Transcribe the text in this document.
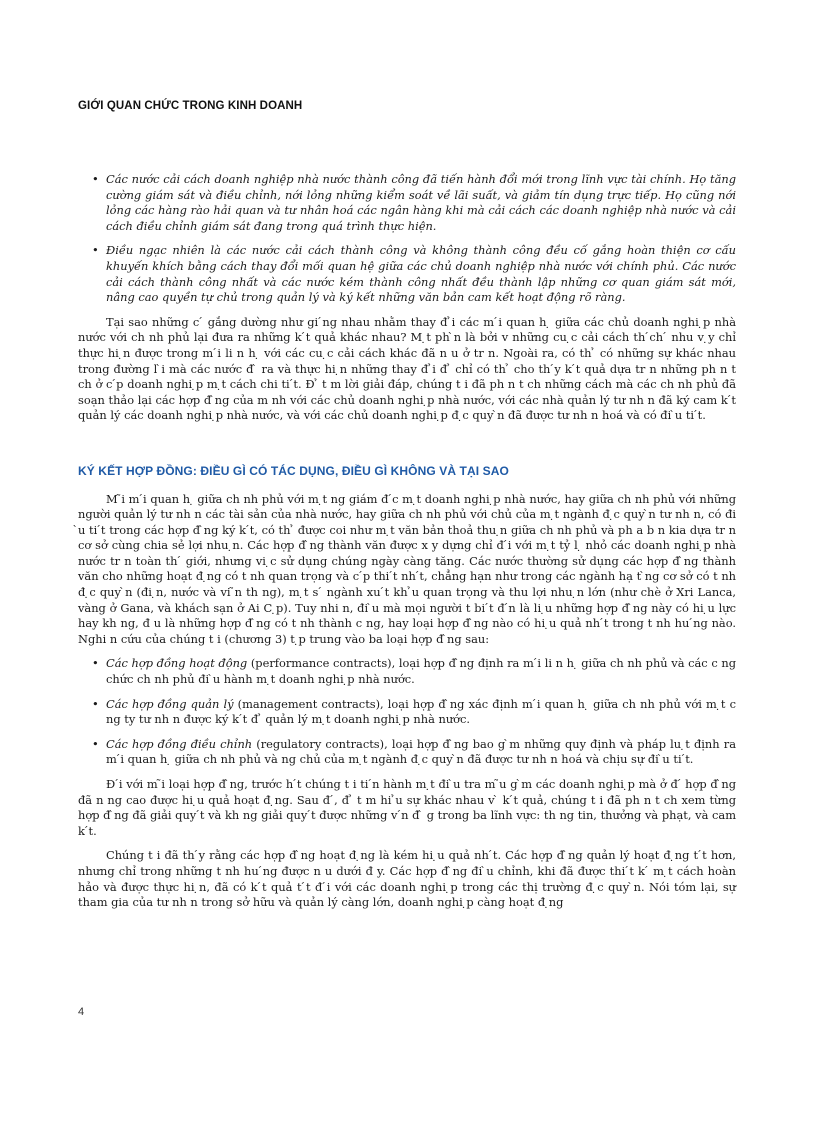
GIỚI QUAN CHỨC TRONG KINH DOANH

• Các nước cải cách doanh nghiệp nhà nước thành công đã tiến hành đổi mới trong lĩnh vực tài chính. Họ tăng cường giám sát và điều chỉnh, nới lỏng những kiểm soát về lãi suất, và giảm tín dụng trực tiếp. Họ cũng nới lỏng các hàng rào hải quan và tư nhân hoá các ngân hàng khi mà cải cách các doanh nghiệp nhà nước và cải cách điều chỉnh giám sát đang trong quá trình thực hiện.

• Điều ngạc nhiên là các nước cải cách thành công và không thành công đều cố gắng hoàn thiện cơ cấu khuyến khích bằng cách thay đổi mối quan hệ giữa các chủ doanh nghiệp nhà nước với chính phủ. Các nước cải cách thành công nhất và các nước kém thành công nhất đều thành lập những cơ quan giám sát mới, nâng cao quyền tự chủ trong quản lý và ký kết những văn bản cam kết hoạt động rõ ràng.

Tại sao những c ́ gắng dường như gi ́ng nhau nhằm thay đ ̉i các m ́i quan h ̣ giữa các chủ doanh nghi ̣p nhà nước với ch nh phủ lại đưa ra những k ́t quả khác nhau? M ̣t ph ̀n là bởi v những cu ̣c cải cách th ́ch ́ nhu v ̣y chỉ thực hi ̣n được trong m ́i li n h ̣ với các cu ̣c cải cách khác đã n u ở tr n. Ngoài ra, có th ̉ có những sự khác nhau trong đường l ̀i mà các nước đ ̀ ra và thực hi ̣n những thay đ ̉i đ ̉ chỉ có th ̉ cho th ́y k ́t quả dựa tr n những ph n t ch ở c ́p doanh nghi ̣p m ̣t cách chi ti ́t. Đ ̉ t m lời giải đáp, chúng t i đã ph n t ch những cách mà các ch nh phủ đã soạn thảo lại các hợp đ ̀ng của m nh với các chủ doanh nghi ̣p nhà nước, với các nhà quản lý tư nh n đã ký cam k ́t quản lý các doanh nghi ̣p nhà nước, và với các chủ doanh nghi ̣p đ ̣c quy ̀n đã được tư nh n hoá và có đi ̀u ti ́t.

KÝ KẾT HỢP ĐỒNG: ĐIỀU GÌ CÓ TÁC DỤNG, ĐIỀU GÌ KHÔNG VÀ TẠI SAO

M ̃i m ́i quan h ̣ giữa ch nh phủ với m ̣t ng giám đ ́c m ̣t doanh nghi ̣p nhà nước, hay giữa ch nh phủ với những người quản lý tư nh n các tài sản của nhà nước, hay giữa ch nh phủ với chủ của m ̣t ngành đ ̣c quy ̀n tư nh n, có đi ̀u ti ́t trong các hợp đ ̀ng ký k ́t, có th ̉ được coi như m ̣t văn bản thoả thu ̣n giữa ch nh phủ và ph a b n kia dựa tr n cơ sở cùng chia sẻ lợi nhu ̣n. Các hợp đ ̀ng thành văn được x y dựng chỉ đ ́i với m ̣t tỷ l ̣ nhỏ các doanh nghi ̣p nhà nước tr n toàn th ́ giới, nhưng vi ̣c sử dụng chúng ngày càng tăng. Các nước thường sử dụng các hợp đ ̀ng thành văn cho những hoạt đ ̣ng có t nh quan trọng và c ́p thi ́t nh ́t, chẳng hạn như trong các ngành hạ t ̀ng cơ sở có t nh đ ̣c quy ̀n (đi ̣n, nước và vi ̃n th ng), m ̣t s ́ ngành xu ́t kh ̉u quan trọng và thu lợi nhu ̣n lớn (như chè ở Xri Lanca, vàng ở Gana, và khách sạn ở Ai C ̣p). Tuy nhi n, đi ̀u mà mọi người t bi ́t đ ́n là li ̣u những hợp đ ̀ng này có hi ̣u lực hay kh ng, đ u là những hợp đ ̀ng có t nh thành c ng, hay loại hợp đ ̀ng nào có hi ̣u quả nh ́t trong t nh hu ́ng nào. Nghi n cứu của chúng t i (chương 3) t ̣p trung vào ba loại hợp đ ̀ng sau:

• Các hợp đồng hoạt động (performance contracts), loại hợp đ ̀ng định ra m ́i li n h ̣ giữa ch nh phủ và các c ng chức ch nh phủ đi ̀u hành m ̣t doanh nghi ̣p nhà nước.

• Các hợp đồng quản lý (management contracts), loại hợp đ ̀ng xác định m ́i quan h ̣ giữa ch nh phủ với m ̣t c ng ty tư nh n được ký k ́t đ ̉ quản lý m ̣t doanh nghi ̣p nhà nước.

• Các hợp đồng điều chỉnh (regulatory contracts), loại hợp đ ̀ng bao g ̀m những quy định và pháp lu ̣t định ra m ́i quan h ̣ giữa ch nh phủ và ng chủ của m ̣t ngành đ ̣c quy ̀n đã được tư nh n hoá và chịu sự đi ̀u ti ́t.

Đ ́i với m ̃i loại hợp đ ̀ng, trước h ́t chúng t i ti ́n hành m ̣t đi ̀u tra m ̃u g ̀m các doanh nghi ̣p mà ở đ ́ hợp đ ̀ng đã n ng cao được hi ̣u quả hoạt đ ̣ng. Sau đ ́, đ ̉ t m hi ̉u sự khác nhau v ̀ k ́t quả, chúng t i đã ph n t ch xem từng hợp đ ̀ng đã giải quy ́t và kh ng giải quy ́t được những v ́n đ ̀ g trong ba lĩnh vực: th ng tin, thưởng và phạt, và cam k ́t.

Chúng t i đã th ́y rằng các hợp đ ̀ng hoạt đ ̣ng là kém hi ̣u quả nh ́t. Các hợp đ ̀ng quản lý hoạt đ ̣ng t ́t hơn, nhưng chỉ trong những t nh hu ́ng được n u dưới đ y. Các hợp đ ̀ng đi ̀u chỉnh, khi đã được thi ́t k ́ m ̣t cách hoàn hảo và được thực hi ̣n, đã có k ́t quả t ́t đ ́i với các doanh nghi ̣p trong các thị trường đ ̣c quy ̀n. Nói tóm lại, sự tham gia của tư nh n trong sở hữu và quản lý càng lớn, doanh nghi ̣p càng hoạt đ ̣ng

4
